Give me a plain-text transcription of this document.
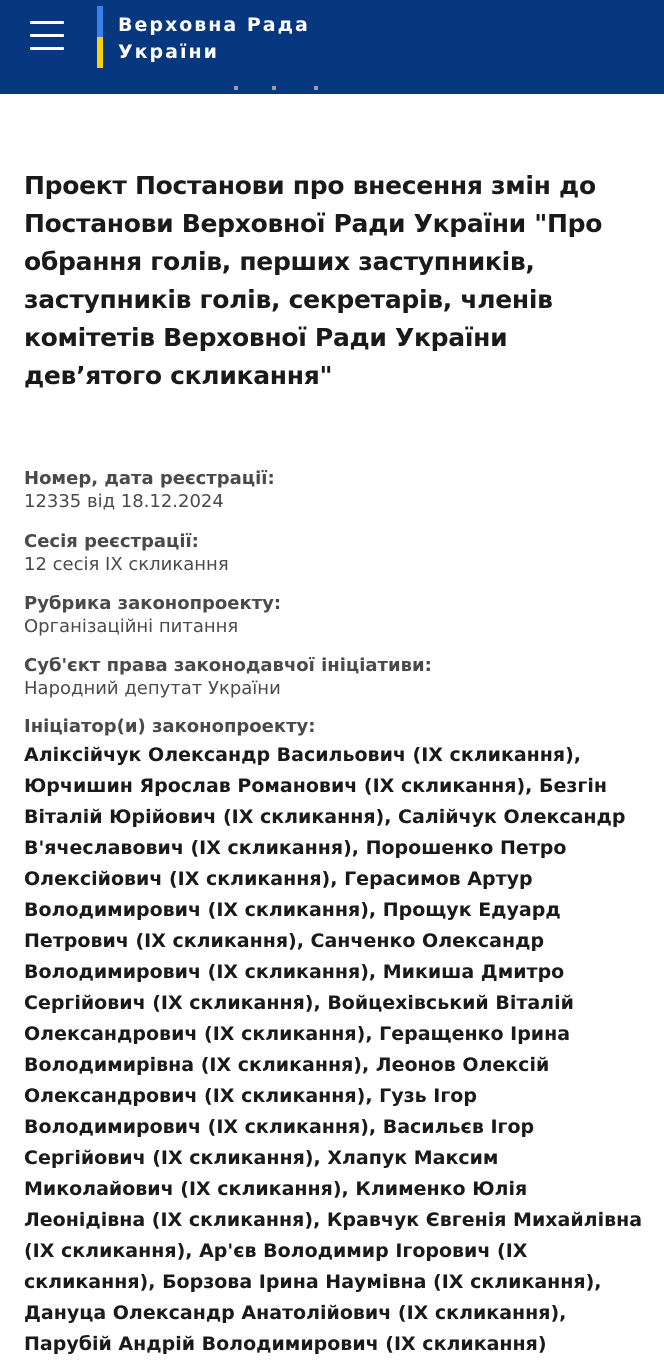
Верховна Рада
України
Проект Постанови про внесення змін до Постанови Верховної Ради України "Про обрання голів, перших заступників, заступників голів, секретарів, членів комітетів Верховної Ради України дев’ятого скликання"
Номер, дата реєстрації:
12335 від 18.12.2024
Сесія реєстрації:
12 сесія IX скликання
Рубрика законопроекту:
Організаційні питання
Суб'єкт права законодавчої ініціативи:
Народний депутат України
Ініціатор(и) законопроекту:
Аліксійчук Олександр Васильович (IX скликання), Юрчишин Ярослав Романович (IX скликання), Безгін Віталій Юрійович (IX скликання), Салійчук Олександр В'ячеславович (IX скликання), Порошенко Петро Олексійович (IX скликання), Герасимов Артур Володимирович (IX скликання), Прощук Едуард Петрович (IX скликання), Санченко Олександр Володимирович (IX скликання), Микиша Дмитро Сергійович (IX скликання), Войцехівський Віталій Олександрович (IX скликання), Геращенко Ірина Володимирівна (IX скликання), Леонов Олексій Олександрович (IX скликання), Гузь Ігор Володимирович (IX скликання), Васильєв Ігор Сергійович (IX скликання), Хлапук Максим Миколайович (IX скликання), Клименко Юлія Леонідівна (IX скликання), Кравчук Євгенія Михайлівна (IX скликання), Ар'єв Володимир Ігорович (IX скликання), Борзова Ірина Наумівна (IX скликання), Дануца Олександр Анатолійович (IX скликання), Парубій Андрій Володимирович (IX скликання)
